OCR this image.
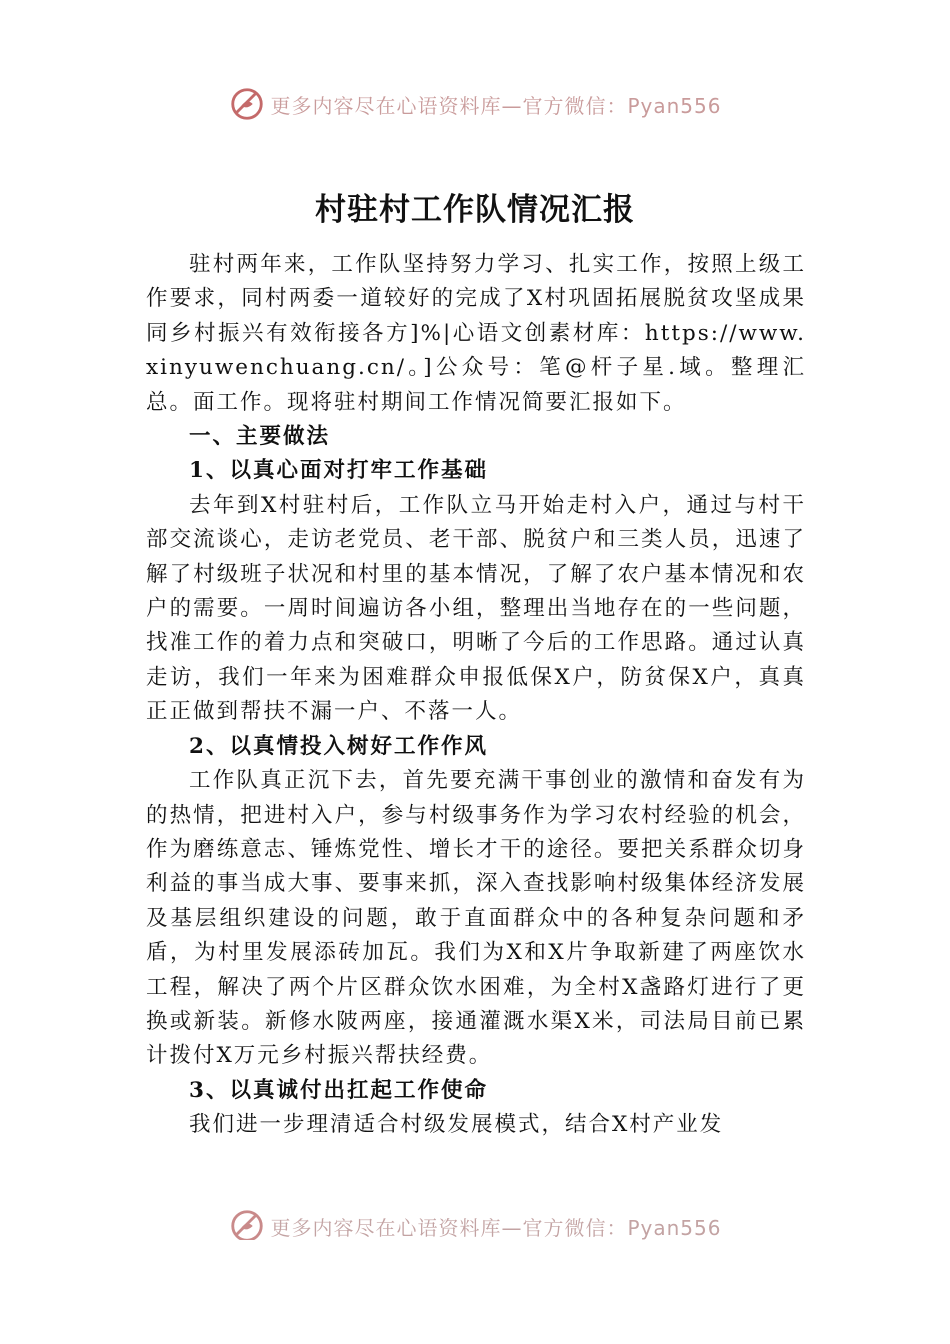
更多内容尽在心语资料库—官方微信：Pyan556
村驻村工作队情况汇报

驻村两年来，工作队坚持努力学习、扎实工作，按照上级工作要求，同村两委一道较好的完成了X村巩固拓展脱贫攻坚成果同乡村振兴有效衔接各方]%|心语文创素材库：https://www.xinyuwenchuang.cn/。]公众号：笔@杆子星.域。整理汇总。面工作。现将驻村期间工作情况简要汇报如下。

一、主要做法

1、以真心面对打牢工作基础

去年到X村驻村后，工作队立马开始走村入户，通过与村干部交流谈心，走访老党员、老干部、脱贫户和三类人员，迅速了解了村级班子状况和村里的基本情况，了解了农户基本情况和农户的需要。一周时间遍访各小组，整理出当地存在的一些问题，找准工作的着力点和突破口，明晰了今后的工作思路。通过认真走访，我们一年来为困难群众申报低保X户，防贫保X户，真真正正做到帮扶不漏一户、不落一人。

2、以真情投入树好工作作风

工作队真正沉下去，首先要充满干事创业的激情和奋发有为的热情，把进村入户，参与村级事务作为学习农村经验的机会，作为磨练意志、锤炼党性、增长才干的途径。要把关系群众切身利益的事当成大事、要事来抓，深入查找影响村级集体经济发展及基层组织建设的问题，敢于直面群众中的各种复杂问题和矛盾，为村里发展添砖加瓦。我们为X和X片争取新建了两座饮水工程，解决了两个片区群众饮水困难，为全村X盏路灯进行了更换或新装。新修水陂两座，接通灌溉水渠X米，司法局目前已累计拨付X万元乡村振兴帮扶经费。

3、以真诚付出扛起工作使命

我们进一步理清适合村级发展模式，结合X村产业发

更多内容尽在心语资料库—官方微信：Pyan556
